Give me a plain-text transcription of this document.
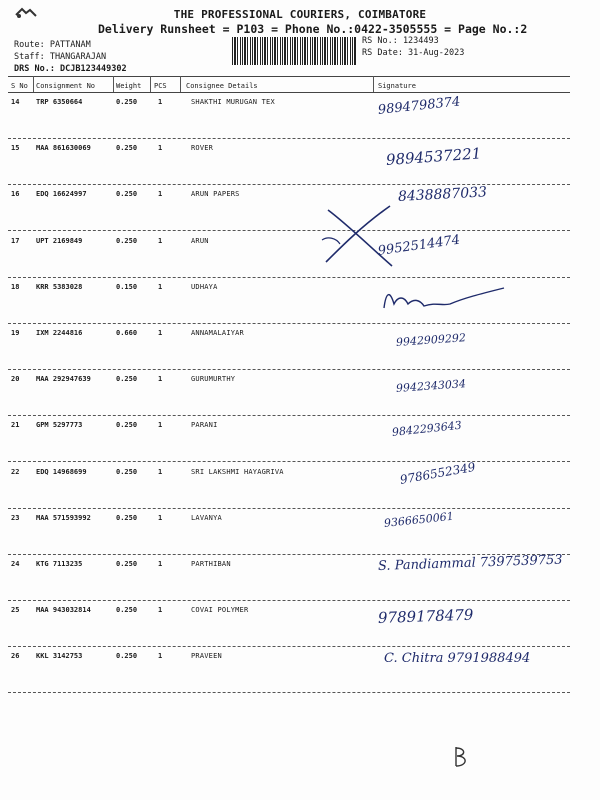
THE PROFESSIONAL COURIERS, COIMBATORE
Delivery Runsheet = P103 = Phone No.:0422-3505555 = Page No.:2
Route: PATTANAM
Staff: THANGARAJAN
DRS No.: DCJB123449302
RS No.: 1234493
RS Date: 31-Aug-2023
S No Consignment No	Weight PCS	Consignee Details	Signature
14 TRP 6350664	0.250	1	SHAKTHI MURUGAN TEX	9894798374
15 MAA 861630069	0.250	1	ROVER	9894537221
16 EDQ 16624997	0.250	1	ARUN PAPERS	8438887033
17 UPT 2169849	0.250	1	ARUN	9952514474
18 KRR 5383028	0.150	1	UDHAYA
19 IXM 2244816	0.660	1	ANNAMALAIYAR	9942909292
20 MAA 292947639	0.250	1	GURUMURTHY	9942343034
21 GPM 5297773	0.250	1	PARANI	9842293643
22 EDQ 14968699	0.250	1	SRI LAKSHMI HAYAGRIVA	9786552349
23 MAA 571593992	0.250	1	LAVANYA	9366650061
24 KTG 7113235	0.250	1	PARTHIBAN	S. Pandiammal 7397539753
25 MAA 943032814	0.250	1	COVAI POLYMER	9789178479
26 KKL 3142753	0.250	1	PRAVEEN	C. Chitra 9791988494
